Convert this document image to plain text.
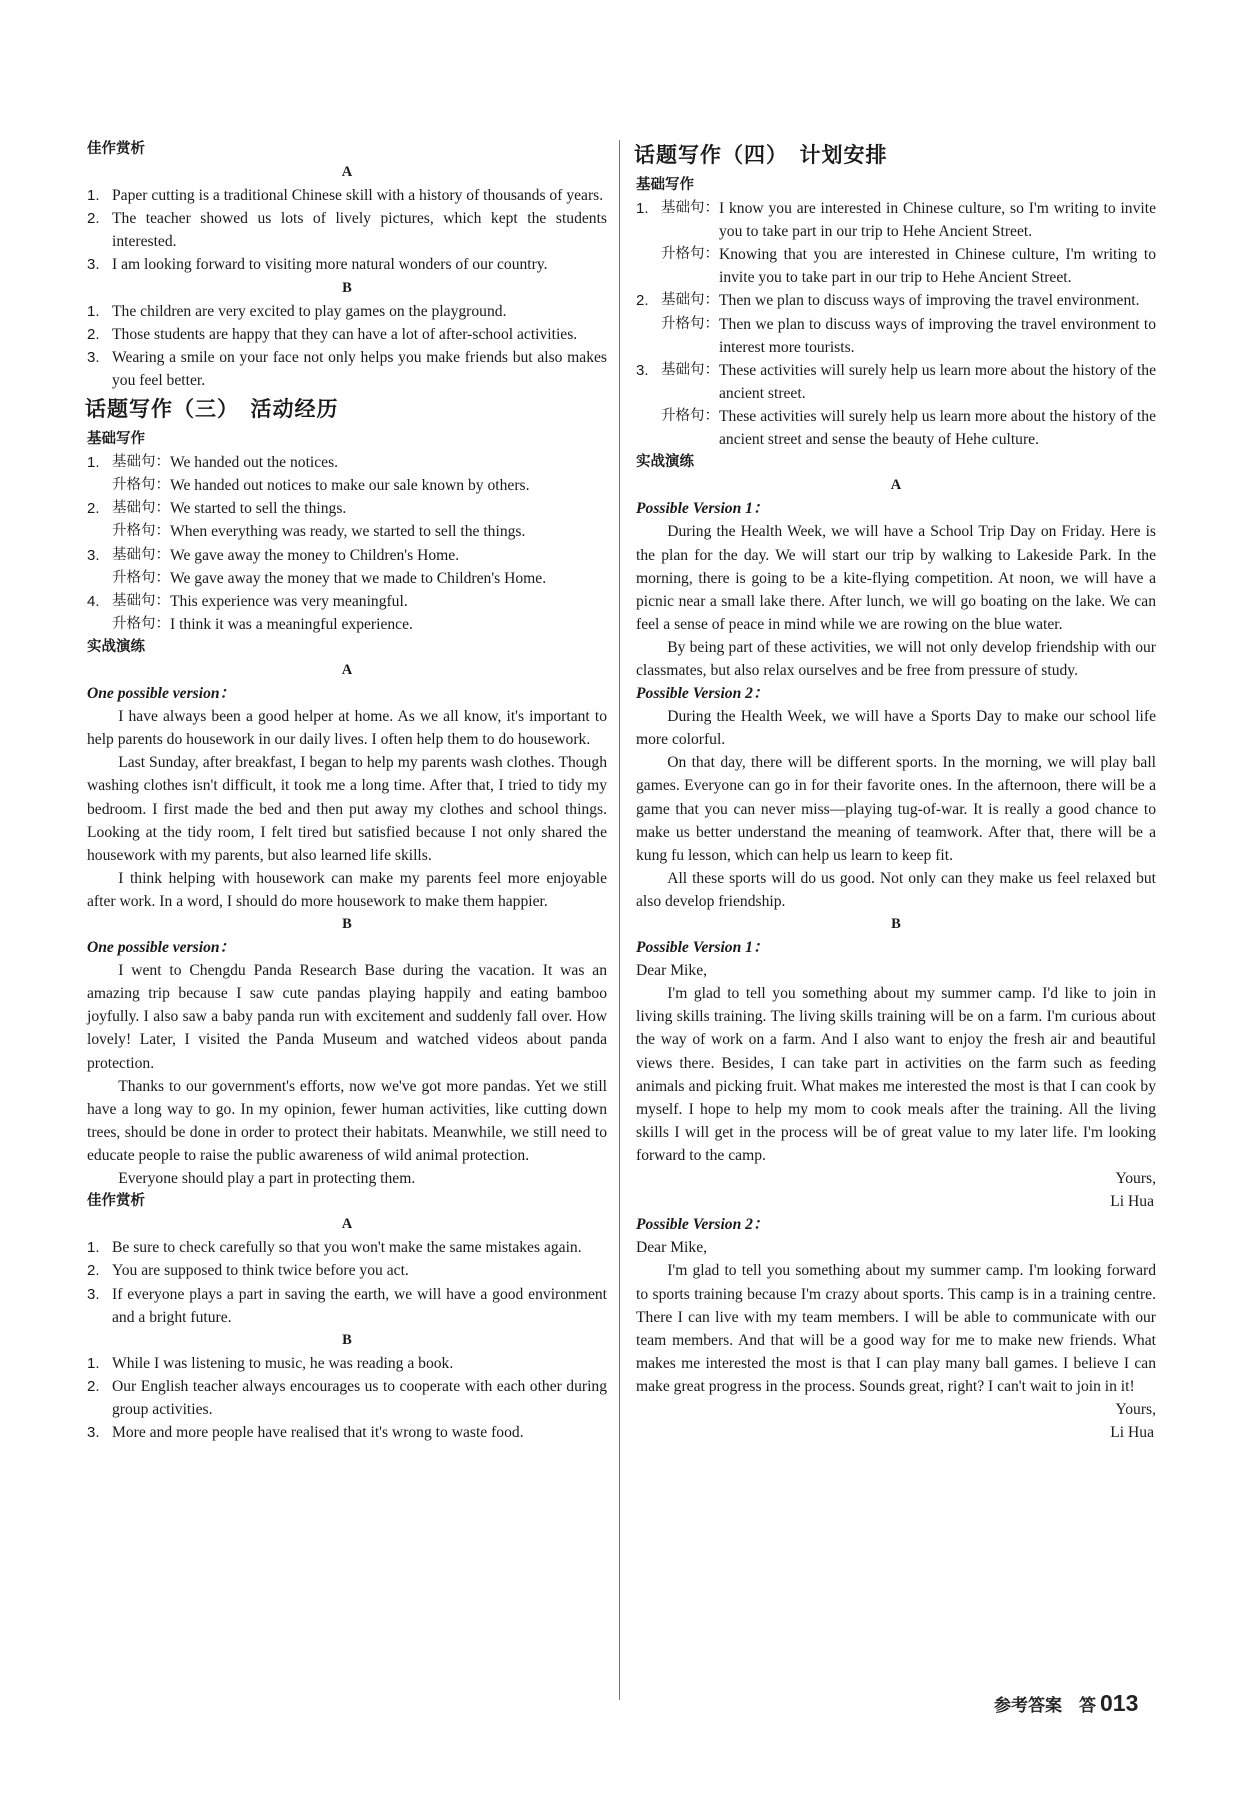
佳作赏析
A
1. Paper cutting is a traditional Chinese skill with a history of thousands of years.
2. The teacher showed us lots of lively pictures, which kept the students interested.
3. I am looking forward to visiting more natural wonders of our country.
B
1. The children are very excited to play games on the playground.
2. Those students are happy that they can have a lot of after-school activities.
3. Wearing a smile on your face not only helps you make friends but also makes you feel better.
话题写作（三）　活动经历
基础写作
1. 基础句： We handed out the notices.
升格句： We handed out notices to make our sale known by others.
2. 基础句： We started to sell the things.
升格句： When everything was ready, we started to sell the things.
3. 基础句： We gave away the money to Children's Home.
升格句： We gave away the money that we made to Children's Home.
4. 基础句： This experience was very meaningful.
升格句： I think it was a meaningful experience.
实战演练
A
One possible version：

I have always been a good helper at home. As we all know, it's important to help parents do housework in our daily lives. I often help them to do housework.

Last Sunday, after breakfast, I began to help my parents wash clothes. Though washing clothes isn't difficult, it took me a long time. After that, I tried to tidy my bedroom. I first made the bed and then put away my clothes and school things. Looking at the tidy room, I felt tired but satisfied because I not only shared the housework with my parents, but also learned life skills.

I think helping with housework can make my parents feel more enjoyable after work. In a word, I should do more housework to make them happier.

B
One possible version：

I went to Chengdu Panda Research Base during the vacation. It was an amazing trip because I saw cute pandas playing happily and eating bamboo joyfully. I also saw a baby panda run with excitement and suddenly fall over. How lovely! Later, I visited the Panda Museum and watched videos about panda protection.

Thanks to our government's efforts, now we've got more pandas. Yet we still have a long way to go. In my opinion, fewer human activities, like cutting down trees, should be done in order to protect their habitats. Meanwhile, we still need to educate people to raise the public awareness of wild animal protection.

Everyone should play a part in protecting them.

佳作赏析
A
1. Be sure to check carefully so that you won't make the same mistakes again.
2. You are supposed to think twice before you act.
3. If everyone plays a part in saving the earth, we will have a good environment and a bright future.
B
1. While I was listening to music, he was reading a book.
2. Our English teacher always encourages us to cooperate with each other during group activities.
3. More and more people have realised that it's wrong to waste food.
话题写作（四）　计划安排
基础写作
1. 基础句： I know you are interested in Chinese culture, so I'm writing to invite you to take part in our trip to Hehe Ancient Street.
升格句： Knowing that you are interested in Chinese culture, I'm writing to invite you to take part in our trip to Hehe Ancient Street.
2. 基础句： Then we plan to discuss ways of improving the travel environment.
升格句： Then we plan to discuss ways of improving the travel environment to interest more tourists.
3. 基础句： These activities will surely help us learn more about the history of the ancient street.
升格句： These activities will surely help us learn more about the history of the ancient street and sense the beauty of Hehe culture.
实战演练
A
Possible Version 1：

During the Health Week, we will have a School Trip Day on Friday. Here is the plan for the day. We will start our trip by walking to Lakeside Park. In the morning, there is going to be a kite-flying competition. At noon, we will have a picnic near a small lake there. After lunch, we will go boating on the lake. We can feel a sense of peace in mind while we are rowing on the blue water.

By being part of these activities, we will not only develop friendship with our classmates, but also relax ourselves and be free from pressure of study.

Possible Version 2：

During the Health Week, we will have a Sports Day to make our school life more colorful.

On that day, there will be different sports. In the morning, we will play ball games. Everyone can go in for their favorite ones. In the afternoon, there will be a game that you can never miss—playing tug-of-war. It is really a good chance to make us better understand the meaning of teamwork. After that, there will be a kung fu lesson, which can help us learn to keep fit.

All these sports will do us good. Not only can they make us feel relaxed but also develop friendship.

B
Possible Version 1：
Dear Mike,

I'm glad to tell you something about my summer camp. I'd like to join in living skills training. The living skills training will be on a farm. I'm curious about the way of work on a farm. And I also want to enjoy the fresh air and beautiful views there. Besides, I can take part in activities on the farm such as feeding animals and picking fruit. What makes me interested the most is that I can cook by myself. I hope to help my mom to cook meals after the training. All the living skills I will get in the process will be of great value to my later life. I'm looking forward to the camp.

Yours,
Li Hua
Possible Version 2：
Dear Mike,

I'm glad to tell you something about my summer camp. I'm looking forward to sports training because I'm crazy about sports. This camp is in a training centre. There I can live with my team members. I will be able to communicate with our team members. And that will be a good way for me to make new friends. What makes me interested the most is that I can play many ball games. I believe I can make great progress in the process. Sounds great, right? I can't wait to join in it!

Yours,
Li Hua
参考答案　答 013
